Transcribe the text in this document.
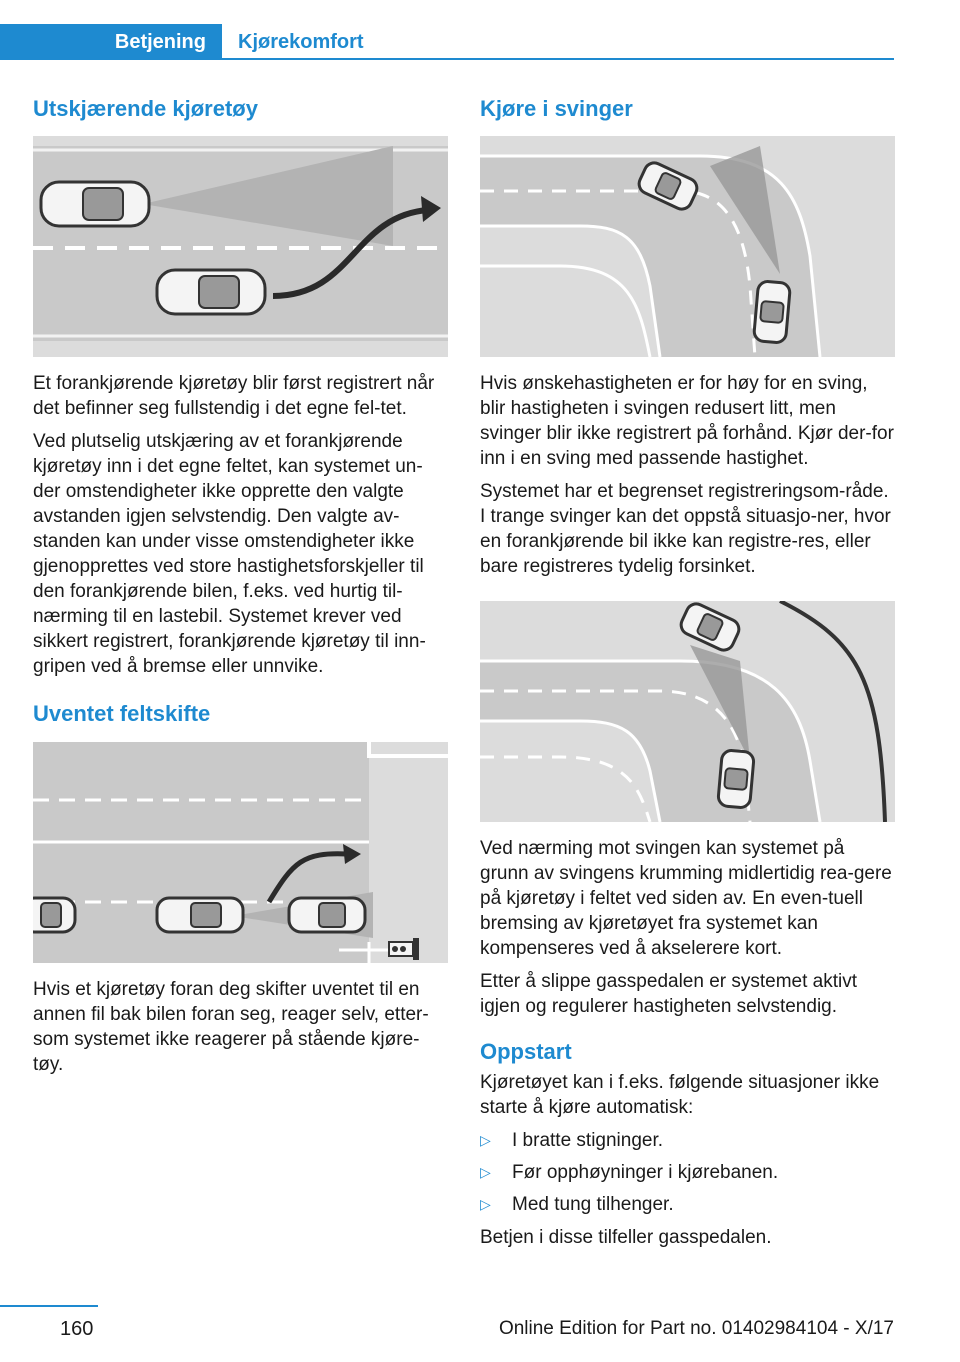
Betjening	Kjørekomfort
Utskjærende kjøretøy

Et forankjørende kjøretøy blir først registrert når det befinner seg fullstendig i det egne fel-tet.

Ved plutselig utskjæring av et forankjørende kjøretøy inn i det egne feltet, kan systemet un-der omstendigheter ikke opprette den valgte avstanden igjen selvstendig. Den valgte av-standen kan under visse omstendigheter ikke gjenopprettes ved store hastighetsforskjeller til den forankjørende bilen, f.eks. ved hurtig til-nærming til en lastebil. Systemet krever ved sikkert registrert, forankjørende kjøretøy til inn-gripen ved å bremse eller unnvike.

Uventet feltskifte

Hvis et kjøretøy foran deg skifter uventet til en annen fil bak bilen foran seg, reager selv, etter-som systemet ikke reagerer på stående kjøre-tøy.

Kjøre i svinger

Hvis ønskehastigheten er for høy for en sving, blir hastigheten i svingen redusert litt, men svinger blir ikke registrert på forhånd. Kjør der-for inn i en sving med passende hastighet.

Systemet har et begrenset registreringsom-råde. I trange svinger kan det oppstå situasjo-ner, hvor en forankjørende bil ikke kan registre-res, eller bare registreres tydelig forsinket.

Ved nærming mot svingen kan systemet på grunn av svingens krumming midlertidig rea-gere på kjøretøy i feltet ved siden av. En even-tuell bremsing av kjøretøyet fra systemet kan kompenseres ved å akselerere kort.

Etter å slippe gasspedalen er systemet aktivt igjen og regulerer hastigheten selvstendig.

Oppstart

Kjøretøyet kan i f.eks. følgende situasjoner ikke starte å kjøre automatisk:

▷	I bratte stigninger.
▷	Før opphøyninger i kjørebanen.
▷	Med tung tilhenger.

Betjen i disse tilfeller gasspedalen.

160	Online Edition for Part no. 01402984104 - X/17
